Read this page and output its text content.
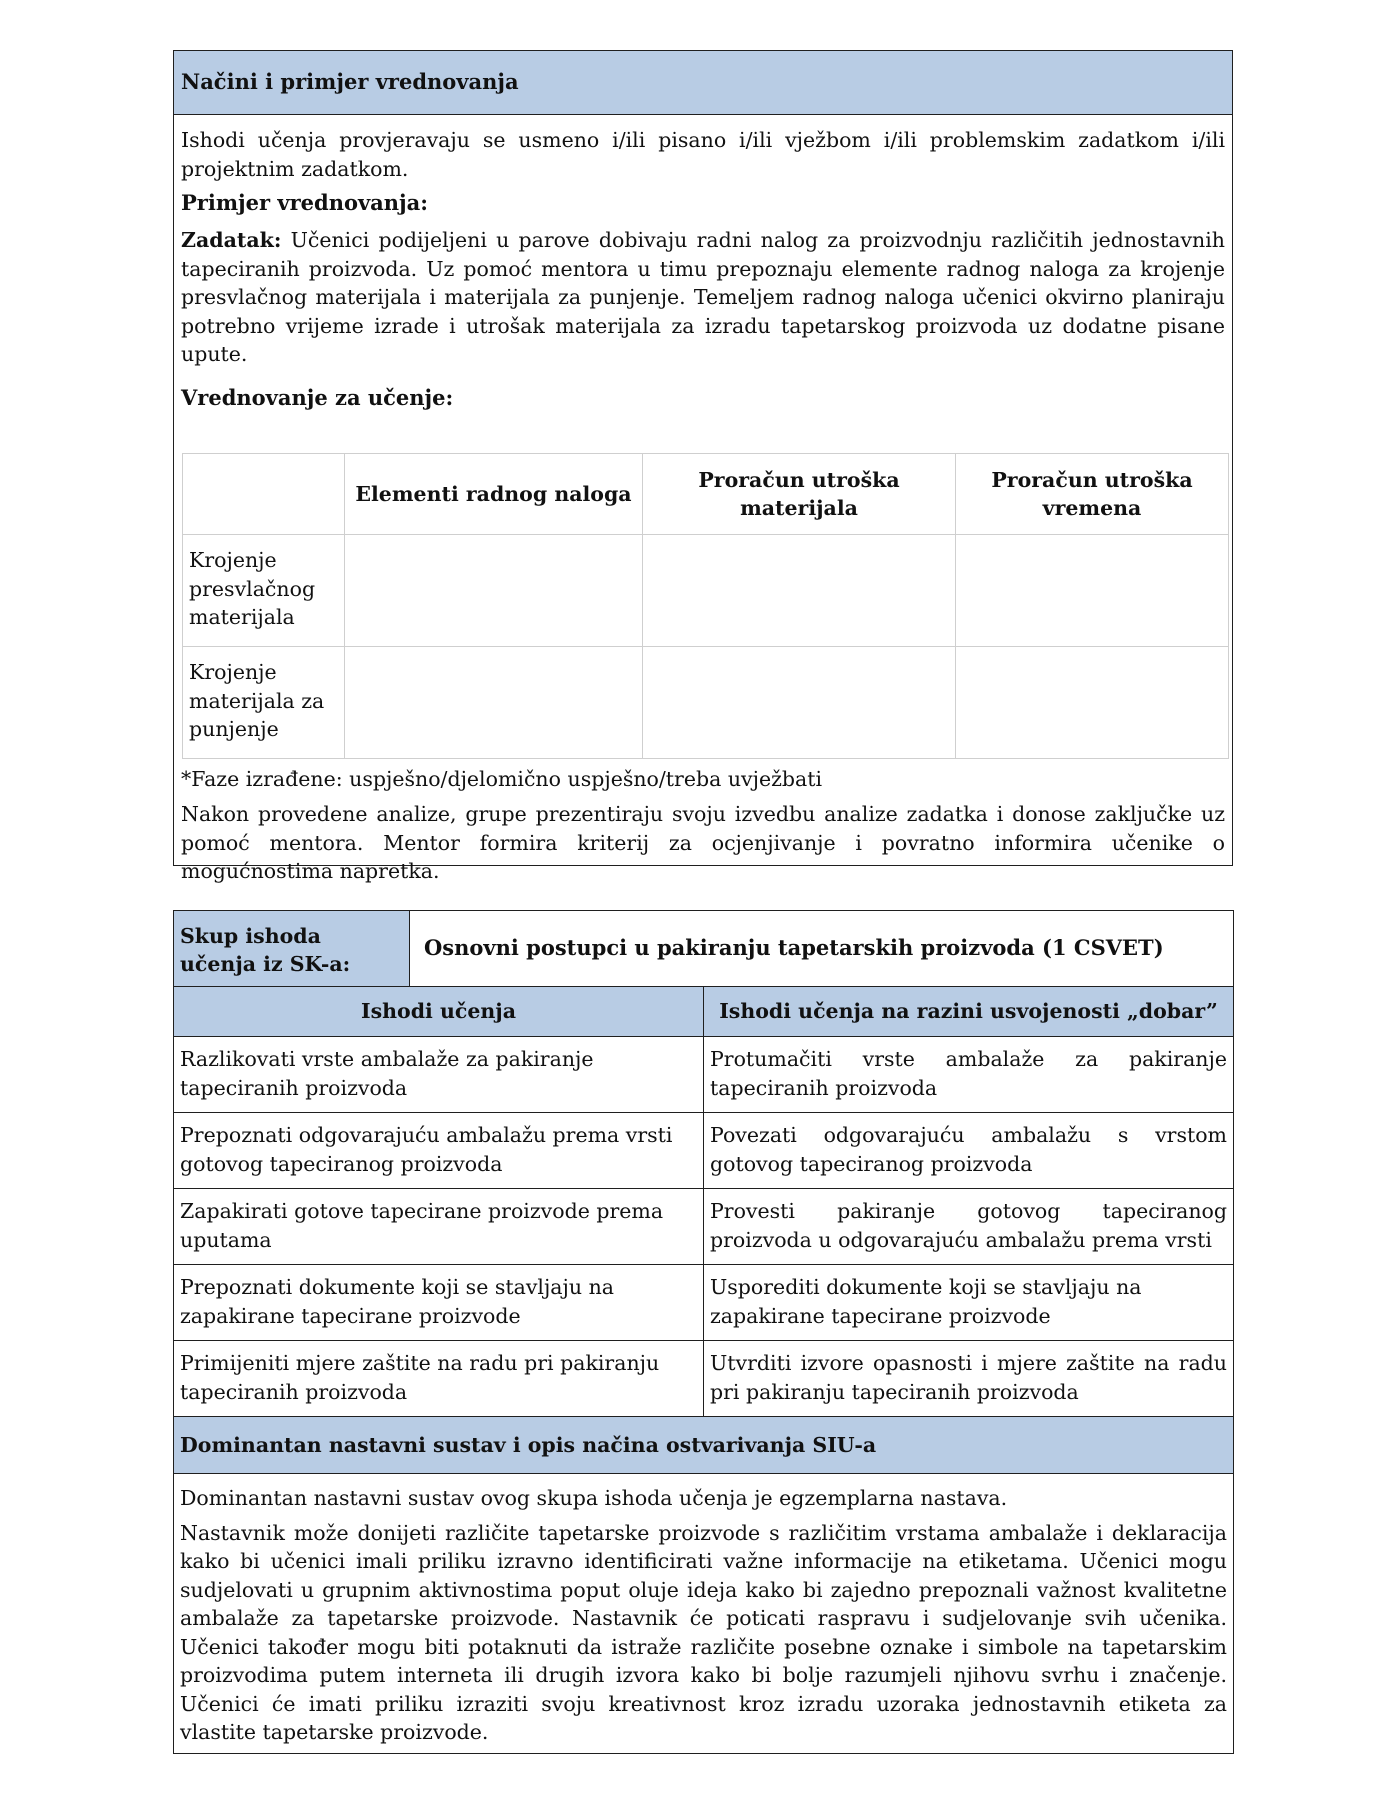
Načini i primjer vrednovanja
Ishodi učenja provjeravaju se usmeno i/ili pisano i/ili vježbom i/ili problemskim zadatkom i/ili projektnim zadatkom.
Primjer vrednovanja:
Zadatak: Učenici podijeljeni u parove dobivaju radni nalog za proizvodnju različitih jednostavnih tapeciranih proizvoda. Uz pomoć mentora u timu prepoznaju elemente radnog naloga za krojenje presvlačnog materijala i materijala za punjenje. Temeljem radnog naloga učenici okvirno planiraju potrebno vrijeme izrade i utrošak materijala za izradu tapetarskog proizvoda uz dodatne pisane upute.
Vrednovanje za učenje:
	Elementi radnog naloga	Proračun utroška materijala	Proračun utroška vremena
Krojenje presvlačnog materijala			
Krojenje materijala za punjenje			
*Faze izrađene: uspješno/djelomično uspješno/treba uvježbati
Nakon provedene analize, grupe prezentiraju svoju izvedbu analize zadatka i donose zaključke uz pomoć mentora. Mentor formira kriterij za ocjenjivanje i povratno informira učenike o mogućnostima napretka.
Skup ishoda učenja iz SK-a:	Osnovni postupci u pakiranju tapetarskih proizvoda (1 CSVET)	
Ishodi učenja		Ishodi učenja na razini usvojenosti „dobar”
Razlikovati vrste ambalaže za pakiranje tapeciranih proizvoda		Protumačiti vrste ambalaže za pakiranje tapeciranih proizvoda
Prepoznati odgovarajuću ambalažu prema vrsti gotovog tapeciranog proizvoda		Povezati odgovarajuću ambalažu s vrstom gotovog tapeciranog proizvoda
Zapakirati gotove tapecirane proizvode prema uputama		Provesti pakiranje gotovog tapeciranog proizvoda u odgovarajuću ambalažu prema vrsti
Prepoznati dokumente koji se stavljaju na zapakirane tapecirane proizvode		Usporediti dokumente koji se stavljaju na zapakirane tapecirane proizvode
Primijeniti mjere zaštite na radu pri pakiranju tapeciranih proizvoda		Utvrditi izvore opasnosti i mjere zaštite na radu pri pakiranju tapeciranih proizvoda
Dominantan nastavni sustav i opis načina ostvarivanja SIU-a		

Dominantan nastavni sustav ovog skupa ishoda učenja je egzemplarna nastava.
Nastavnik može donijeti različite tapetarske proizvode s različitim vrstama ambalaže i deklaracija kako bi učenici imali priliku izravno identificirati važne informacije na etiketama. Učenici mogu sudjelovati u grupnim aktivnostima poput oluje ideja kako bi zajedno prepoznali važnost kvalitetne ambalaže za tapetarske proizvode. Nastavnik će poticati raspravu i sudjelovanje svih učenika. Učenici također mogu biti potaknuti da istraže različite posebne oznake i simbole na tapetarskim proizvodima putem interneta ili drugih izvora kako bi bolje razumjeli njihovu svrhu i značenje. Učenici će imati priliku izraziti svoju kreativnost kroz izradu uzoraka jednostavnih etiketa za vlastite tapetarske proizvode.		
